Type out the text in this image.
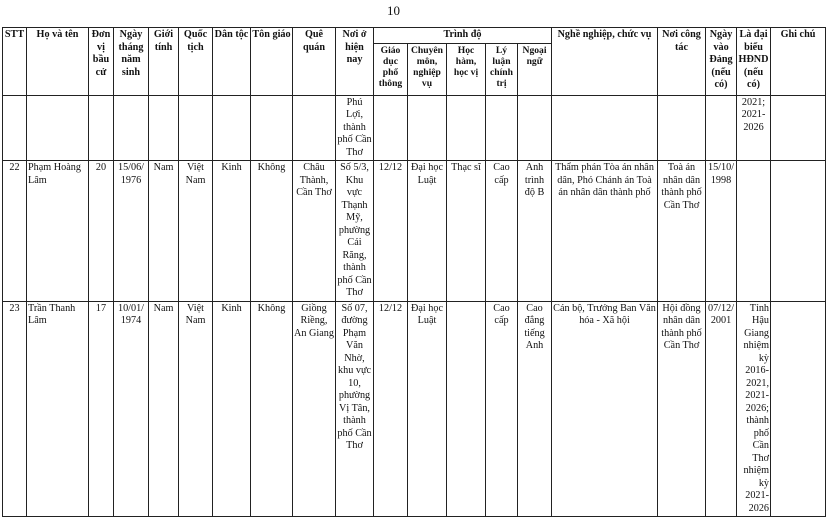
10
STT	Họ và tên	Đơn vị bầu cử	Ngày tháng năm sinh	Giới tính	Quốc tịch	Dân tộc	Tôn giáo	Quê quán	Nơi ở hiện nay	Trình độ					Nghề nghiệp, chức vụ	Nơi công tác	Ngày vào Đảng (nếu có)	Là đại biểu HĐND (nếu có)	Ghi chú
										Giáo dục phổ thông	Chuyên môn, nghiệp vụ	Học hàm, học vị	Lý luận chính trị	Ngoại ngữ					
									Phú Lợi, thành phố Cần Thơ									2021; 2021- 2026	
22	Phạm Hoàng Lâm	20	15/06/ 1976	Nam	Việt Nam	Kinh	Không	Châu Thành, Cần Thơ	Số 5/3, Khu vực Thạnh Mỹ, phường Cái Răng, thành phố Cần Thơ	12/12	Đại học Luật	Thạc sĩ	Cao cấp	Anh trình độ B	Thẩm phán Tòa án nhân dân, Phó Chánh án Toà án nhân dân thành phố	Toà án nhân dân thành phố Cần Thơ	15/10/ 1998		
23	Trần Thanh Lâm	17	10/01/ 1974	Nam	Việt Nam	Kinh	Không	Giồng Riềng, An Giang	Số 07, đường Phạm Văn Nhờ, khu vực 10, phường Vị Tân, thành phố Cần Thơ	12/12	Đại học Luật		Cao cấp	Cao đẳng tiếng Anh	Cán bộ, Trưởng Ban Văn hóa - Xã hội	Hội đồng nhân dân thành phố Cần Thơ	07/12/ 2001	Tỉnh Hậu Giang nhiệm kỳ 2016- 2021, 2021- 2026; thành phố Cần Thơ nhiệm kỳ 2021- 2026	
